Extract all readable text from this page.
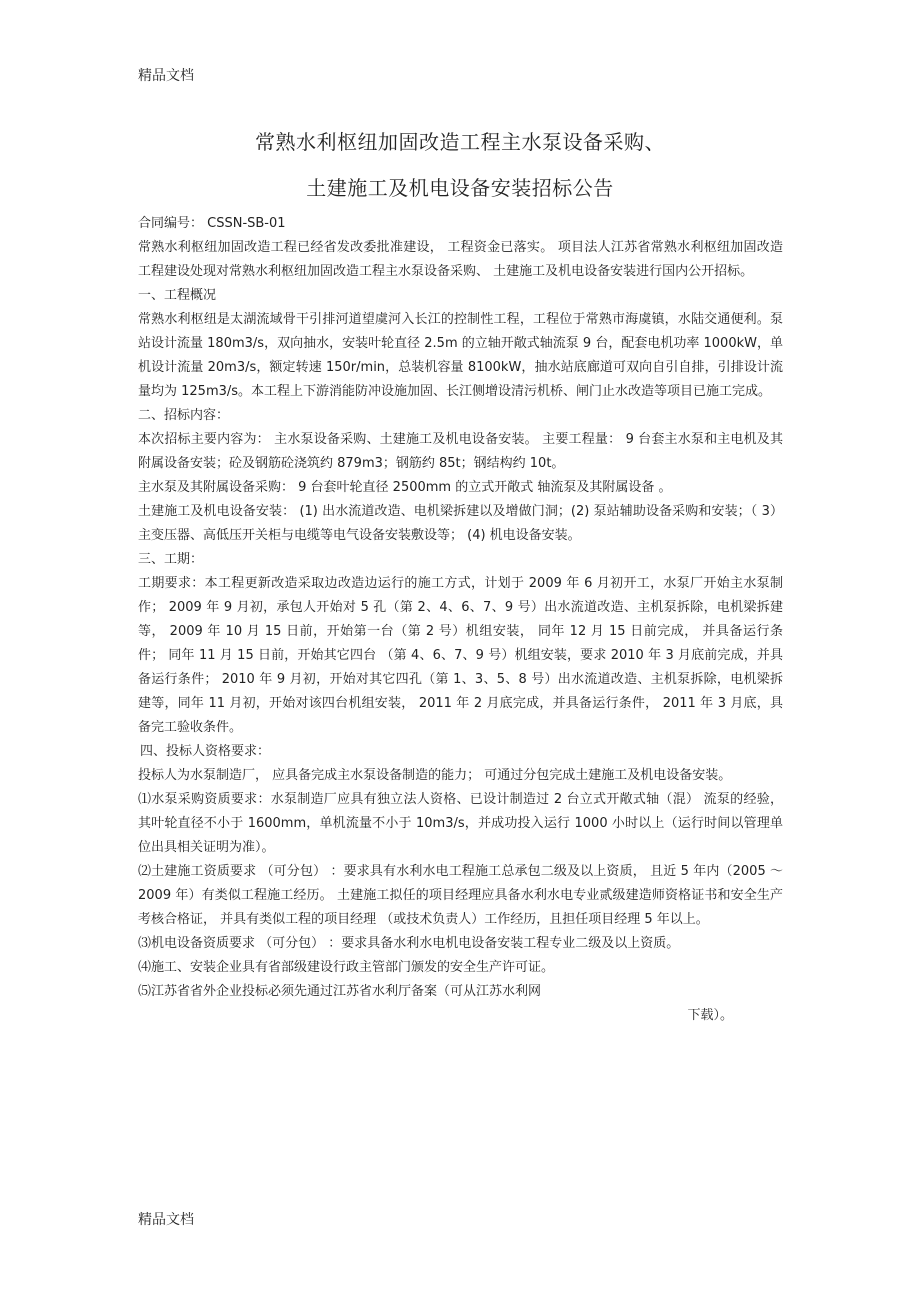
精品文档
常熟水利枢纽加固改造工程主水泵设备采购、
土建施工及机电设备安装招标公告

合同编号： CSSN-SB-01

常熟水利枢纽加固改造工程已经省发改委批准建设， 工程资金已落实。 项目法人江苏省常熟水利枢纽加固改造工程建设处现对常熟水利枢纽加固改造工程主水泵设备采购、 土建施工及机电设备安装进行国内公开招标。

一、工程概况

常熟水利枢纽是太湖流域骨干引排河道望虞河入长江的控制性工程，工程位于常熟市海虞镇，水陆交通便利。泵站设计流量 180m3/s，双向抽水，安装叶轮直径 2.5m 的立轴开敞式轴流泵 9 台，配套电机功率 1000kW，单机设计流量 20m3/s，额定转速 150r/min，总装机容量 8100kW，抽水站底廊道可双向自引自排，引排设计流量均为 125m3/s。本工程上下游消能防冲设施加固、长江侧增设清污机桥、闸门止水改造等项目已施工完成。

二、招标内容：

本次招标主要内容为： 主水泵设备采购、土建施工及机电设备安装。 主要工程量： 9 台套主水泵和主电机及其附属设备安装；砼及钢筋砼浇筑约 879m3；钢筋约 85t；钢结构约 10t。

主水泵及其附属设备采购： 9 台套叶轮直径 2500mm 的立式开敞式 轴流泵及其附属设备 。

土建施工及机电设备安装： (1) 出水流道改造、电机梁拆建以及增做门洞；(2) 泵站辅助设备采购和安装；（ 3）主变压器、高低压开关柜与电缆等电气设备安装敷设等； (4) 机电设备安装。

三、工期：

工期要求：本工程更新改造采取边改造边运行的施工方式，计划于 2009 年 6 月初开工，水泵厂开始主水泵制作； 2009 年 9 月初，承包人开始对 5 孔（第 2、4、6、7、9 号）出水流道改造、主机泵拆除，电机梁拆建等， 2009 年 10 月 15 日前，开始第一台（第 2 号）机组安装， 同年 12 月 15 日前完成， 并具备运行条件； 同年 11 月 15 日前，开始其它四台 （第 4、6、7、9 号）机组安装，要求 2010 年 3 月底前完成，并具备运行条件； 2010 年 9 月初，开始对其它四孔（第 1、3、5、8 号）出水流道改造、主机泵拆除，电机梁拆建等，同年 11 月初，开始对该四台机组安装， 2011 年 2 月底完成，并具备运行条件， 2011 年 3 月底，具备完工验收条件。

四、投标人资格要求：

投标人为水泵制造厂， 应具备完成主水泵设备制造的能力； 可通过分包完成土建施工及机电设备安装。

⑴水泵采购资质要求：水泵制造厂应具有独立法人资格、已设计制造过 2 台立式开敞式轴（混） 流泵的经验， 其叶轮直径不小于 1600mm，单机流量不小于 10m3/s，并成功投入运行 1000 小时以上（运行时间以管理单位出具相关证明为准）。

⑵土建施工资质要求 （可分包） ：要求具有水利水电工程施工总承包二级及以上资质， 且近 5 年内（2005 ～ 2009 年）有类似工程施工经历。 土建施工拟任的项目经理应具备水利水电专业贰级建造师资格证书和安全生产考核合格证， 并具有类似工程的项目经理 （或技术负责人）工作经历，且担任项目经理 5 年以上。

⑶机电设备资质要求 （可分包） ：要求具备水利水电机电设备安装工程专业二级及以上资质。

⑷施工、安装企业具有省部级建设行政主管部门颁发的安全生产许可证。

⑸江苏省省外企业投标必须先通过江苏省水利厅备案（可从江苏水利网

下载）。

精品文档
